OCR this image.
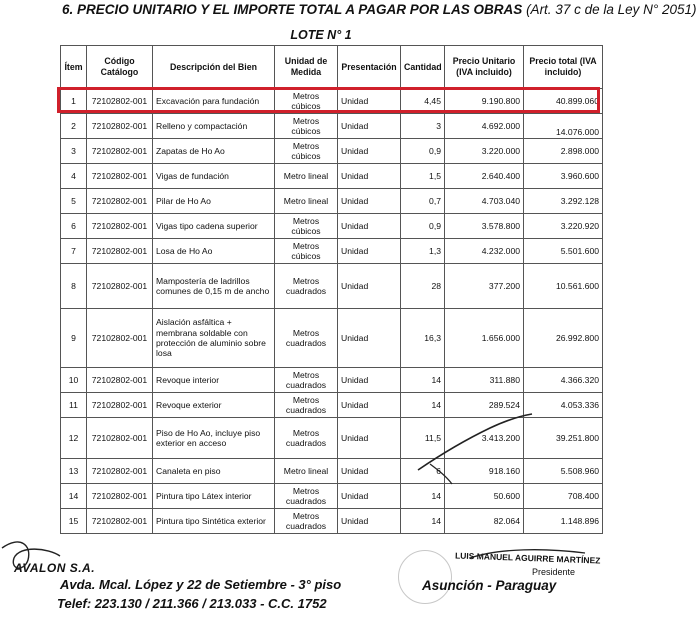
6. PRECIO UNITARIO Y EL IMPORTE TOTAL A PAGAR POR LAS OBRAS (Art. 37 c de la Ley N° 2051)
LOTE N° 1
Ítem	Código Catálogo	Descripción del Bien	Unidad de Medida	Presentación	Cantidad	Precio Unitario (IVA incluido)	Precio total (IVA incluido)
1	72102802-001	Excavación para fundación	Metros cúbicos	Unidad	4,45	9.190.800	40.899.060
2	72102802-001	Relleno y compactación	Metros cúbicos	Unidad	3	4.692.000	14.076.000
3	72102802-001	Zapatas de Ho Ao	Metros cúbicos	Unidad	0,9	3.220.000	2.898.000
4	72102802-001	Vigas de fundación	Metro lineal	Unidad	1,5	2.640.400	3.960.600
5	72102802-001	Pilar de Ho Ao	Metro lineal	Unidad	0,7	4.703.040	3.292.128
6	72102802-001	Vigas tipo cadena superior	Metros cúbicos	Unidad	0,9	3.578.800	3.220.920
7	72102802-001	Losa de Ho Ao	Metros cúbicos	Unidad	1,3	4.232.000	5.501.600
8	72102802-001	Mampostería de ladrillos comunes de 0,15 m de ancho	Metros cuadrados	Unidad	28	377.200	10.561.600
9	72102802-001	Aislación asfáltica + membrana soldable con protección de aluminio sobre losa	Metros cuadrados	Unidad	16,3	1.656.000	26.992.800
10	72102802-001	Revoque interior	Metros cuadrados	Unidad	14	311.880	4.366.320
11	72102802-001	Revoque exterior	Metros cuadrados	Unidad	14	289.524	4.053.336
12	72102802-001	Piso de Ho Ao, incluye piso exterior en acceso	Metros cuadrados	Unidad	11,5	3.413.200	39.251.800
13	72102802-001	Canaleta en piso	Metro lineal	Unidad	6	918.160	5.508.960
14	72102802-001	Pintura tipo Látex interior	Metros cuadrados	Unidad	14	50.600	708.400
15	72102802-001	Pintura tipo Sintética exterior	Metros cuadrados	Unidad	14	82.064	1.148.896
AVALON S.A.
LUIS MANUEL AGUIRRE MARTÍNEZ
Presidente
Avda. Mcal. López y 22 de Setiembre - 3° piso
Telef: 223.130 / 211.366 / 213.033 - C.C. 1752
Asunción - Paraguay
